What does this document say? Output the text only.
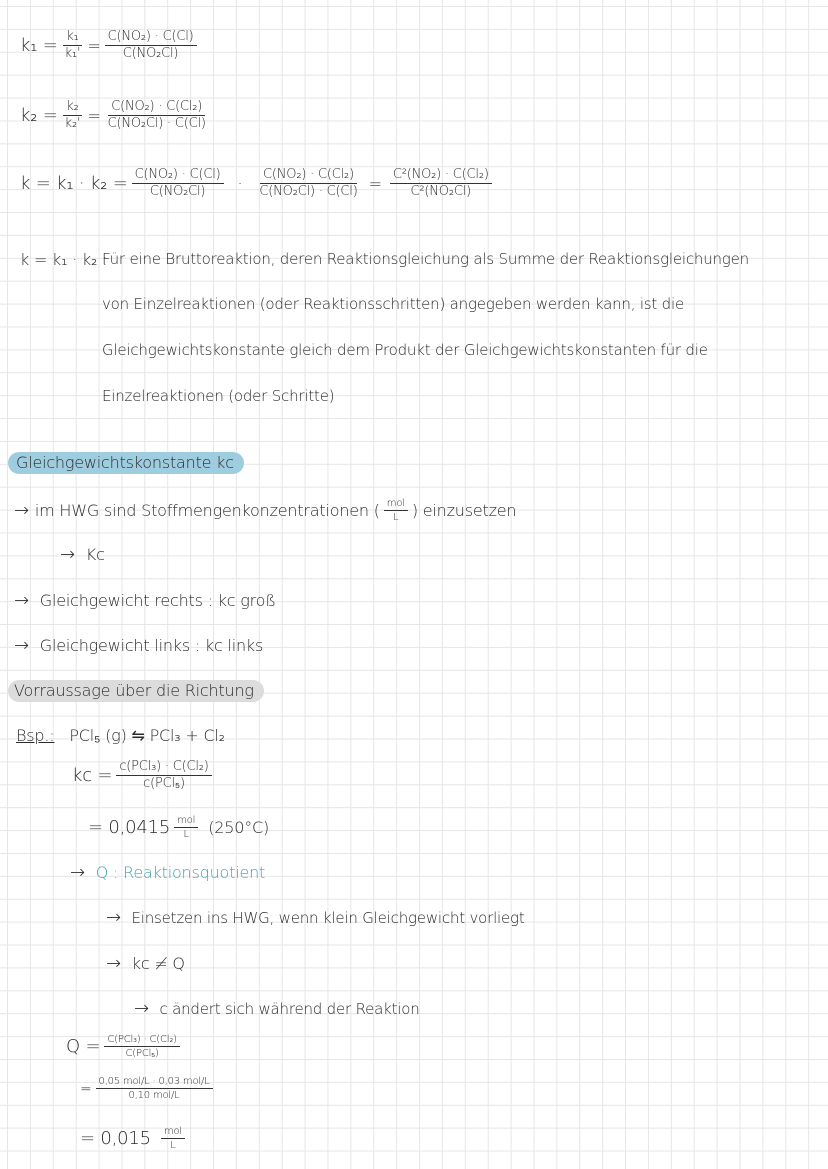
$k_1 = \frac{\text{k₁}}{\text{k₁'}} = \frac{\text{C(NO₂) · C(Cl)}}{\text{C(NO₂Cl)}}$
$k_2 = \frac{\text{k₂}}{\text{k₂'}} = \frac{\text{C(NO₂) · C(Cl₂)}}{\text{C(NO₂Cl) · C(Cl)}}$
$k = k_1 \cdot k_2 = \frac{\text{C(NO₂) · C(Cl)}}{\text{C(NO₂Cl)}} \cdot \frac{\text{C(NO₂) · C(Cl₂)}}{\text{C(NO₂Cl) · C(Cl)}} = \frac{\text{C²(NO₂) · C(Cl₂)}}{\text{C²(NO₂Cl)}}$
k = k₁ · k₂ :
Für eine Bruttoreaktion, deren Reaktionsgleichung als Summe der Reaktionsgleichungen
von Einzelreaktionen (oder Reaktionsschritten) angegeben werden kann, ist die
Gleichgewichtskonstante gleich dem Produkt der Gleichgewichtskonstanten für die
Einzelreaktionen (oder Schritte)
Gleichgewichtskonstante kc
→ im HWG sind Stoffmengenkonzentrationen ( $\frac{\text{mol}}{L}$ ) einzusetzen
→ Kc
→ Gleichgewicht rechts : kc groß
→ Gleichgewicht links : kc links
Vorraussage über die Richtung
Bsp.: PCl₅ (g) ⇋ PCl₃ + Cl₂
kc = $\frac{\text{c(PCl₃) · C(Cl₂)}}{\text{c(PCl₅)}}$
= $0,0415 \frac{\text{mol}}{L} (250^\circ C)$
→ Q : Reaktionsquotient
→ Einsetzen ins HWG, wenn klein Gleichgewicht vorliegt
→ kc ≠ Q
→ c ändert sich während der Reaktion
$Q = \frac{\text{C(PCl₃) · C(Cl₂)}}{\text{C(PCl₅)}}$
= $\frac{\text{0,05 mol/L · 0,03 mol/L}}{\text{0,10 mol/L}}$
= $0,015 \frac{\text{mol}}{L}$
